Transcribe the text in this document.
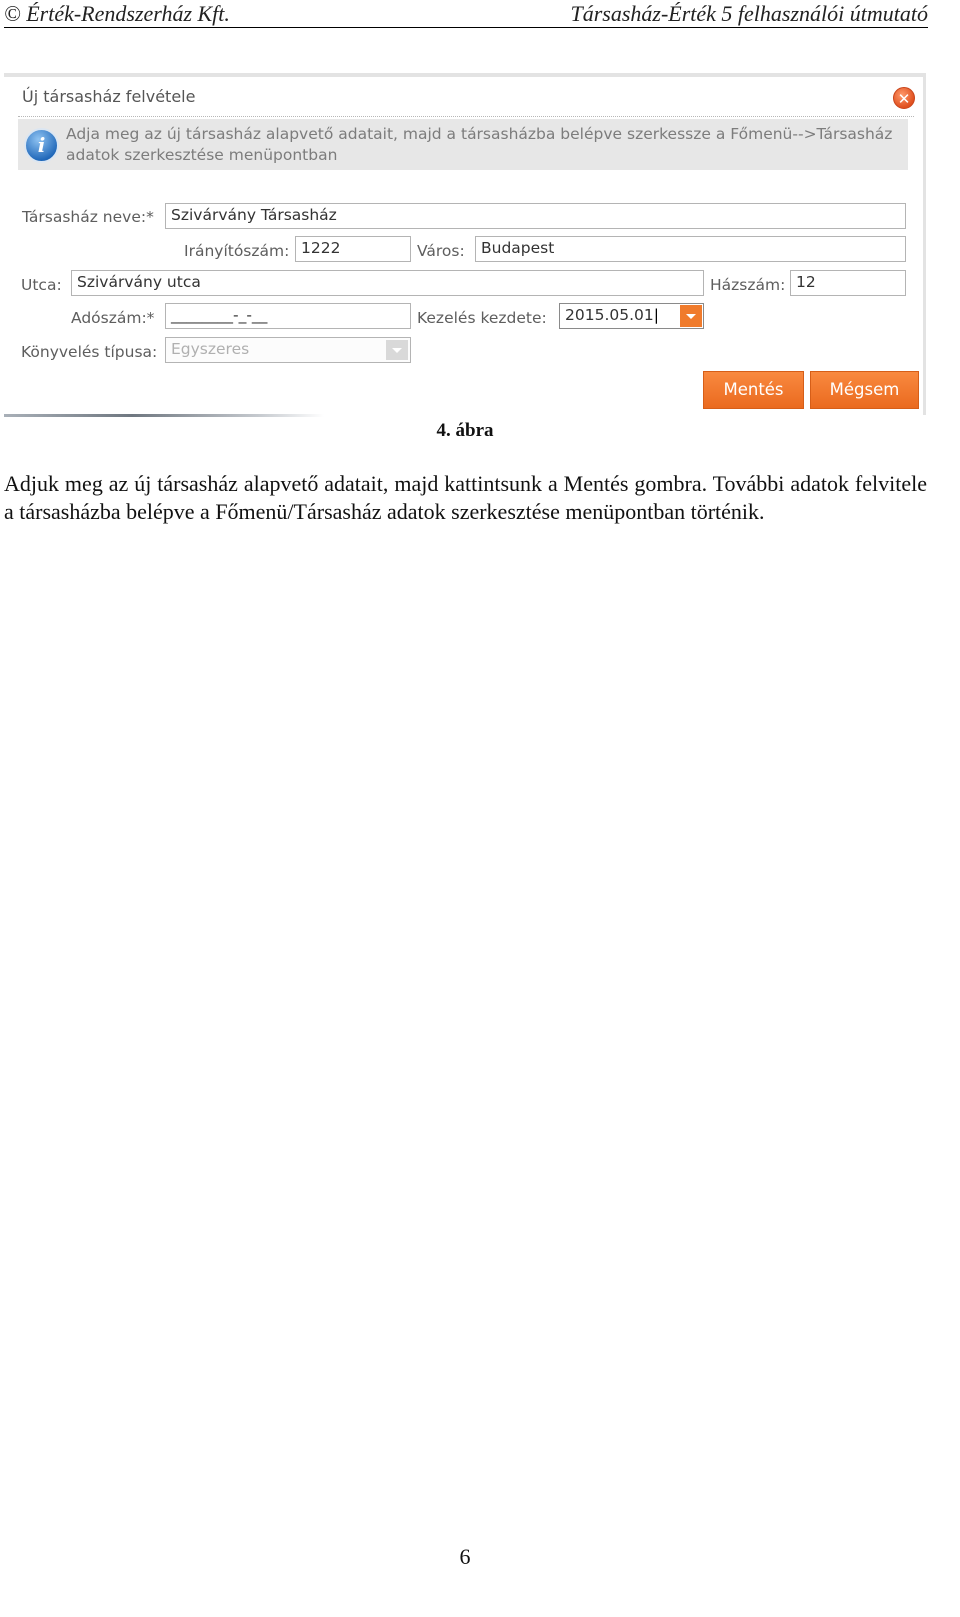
© Érték-Rendszerház Kft.	Társasház-Érték 5 felhasználói útmutató
Új társasház felvétele	✕
i	Adja meg az új társasház alapvető adatait, majd a társasházba belépve szerkessze a Főmenü-->Társasház adatok szerkesztése menüpontban
Társasház neve:*	Szivárvány Társasház
Irányítószám: 1222	Város:	Budapest
Utca: Szivárvány utca	Házszám: 12
Adószám:*	________-_-__	Kezelés kezdete:	2015.05.01|
Könyvelés típusa: Egyszeres
Mentés	Mégsem
4. ábra

Adjuk meg az új társasház alapvető adatait, majd kattintsunk a Mentés gombra. További adatok felvitele a társasházba belépve a Főmenü/Társasház adatok szerkesztése menüpontban történik.

6
